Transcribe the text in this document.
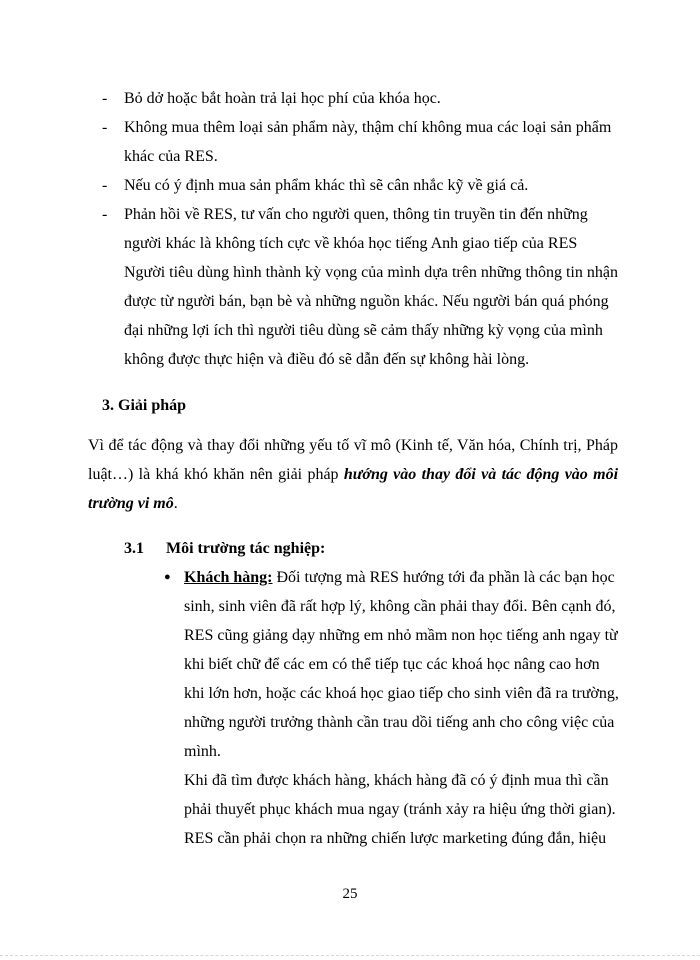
- Bỏ dở hoặc bắt hoàn trả lại học phí của khóa học.
- Không mua thêm loại sản phẩm này, thậm chí không mua các loại sản phẩm khác của RES.
- Nếu có ý định mua sản phẩm khác thì sẽ cân nhắc kỹ về giá cả.
- Phản hồi về RES, tư vấn cho người quen, thông tin truyền tin đến những người khác là không tích cực về khóa học tiếng Anh giao tiếp của RES Người tiêu dùng hình thành kỳ vọng của mình dựa trên những thông tin nhận được từ người bán, bạn bè và những nguồn khác. Nếu người bán quá phóng đại những lợi ích thì người tiêu dùng sẽ cảm thấy những kỳ vọng của mình không được thực hiện và điều đó sẽ dẫn đến sự không hài lòng.
3. Giải pháp
Vì để tác động và thay đổi những yếu tố vĩ mô (Kinh tế, Văn hóa, Chính trị, Pháp luật…) là khá khó khăn nên giải pháp hướng vào thay đổi và tác động vào môi trường vi mô.
3.1 Môi trường tác nghiệp:
● Khách hàng: Đối tượng mà RES hướng tới đa phần là các bạn học sinh, sinh viên đã rất hợp lý, không cần phải thay đổi. Bên cạnh đó, RES cũng giảng dạy những em nhỏ mầm non học tiếng anh ngay từ khi biết chữ để các em có thể tiếp tục các khoá học nâng cao hơn khi lớn hơn, hoặc các khoá học giao tiếp cho sinh viên đã ra trường, những người trưởng thành cần trau dồi tiếng anh cho công việc của mình.

Khi đã tìm được khách hàng, khách hàng đã có ý định mua thì cần phải thuyết phục khách mua ngay (tránh xảy ra hiệu ứng thời gian). RES cần phải chọn ra những chiến lược marketing đúng đắn, hiệu

25
